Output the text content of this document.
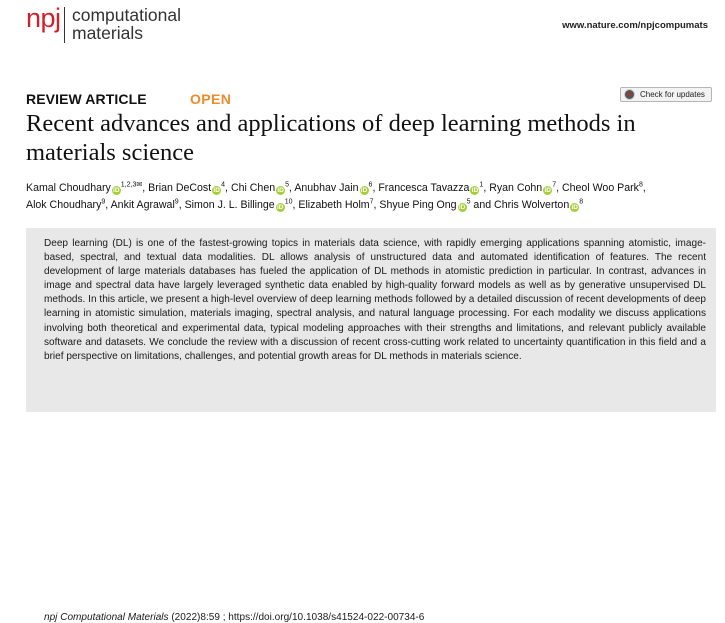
npj computational
materials	www.nature.com/npjcompumats
REVIEW ARTICLE	OPEN	Check for updates
Recent advances and applications of deep learning methods in materials science
Kamal Choudhary $iD^{1,2,3✉}$, Brian DeCost $iD^4$, Chi Chen $iD^5$, Anubhav Jain $iD^6$, Francesca Tavazza $iD^1$, Ryan Cohn $iD^7$, Cheol Woo Park$^8$,
Alok Choudhary$^9$, Ankit Agrawal$^9$, Simon J. L. Billinge $iD^{10}$, Elizabeth Holm$^7$, Shyue Ping Ong $iD^5$ and Chris Wolverton $iD^8$

Deep learning (DL) is one of the fastest-growing topics in materials data science, with rapidly emerging applications spanning atomistic, image-based, spectral, and textual data modalities. DL allows analysis of unstructured data and automated identification of features. The recent development of large materials databases has fueled the application of DL methods in atomistic prediction in particular. In contrast, advances in image and spectral data have largely leveraged synthetic data enabled by high-quality forward models as well as by generative unsupervised DL methods. In this article, we present a high-level overview of deep learning methods followed by a detailed discussion of recent developments of deep learning in atomistic simulation, materials imaging, spectral analysis, and natural language processing. For each modality we discuss applications involving both theoretical and experimental data, typical modeling approaches with their strengths and limitations, and relevant publicly available software and datasets. We conclude the review with a discussion of recent cross-cutting work related to uncertainty quantification in this field and a brief perspective on limitations, challenges, and potential growth areas for DL methods in materials science.

npj Computational Materials (2022)8:59 ; https://doi.org/10.1038/s41524-022-00734-6
